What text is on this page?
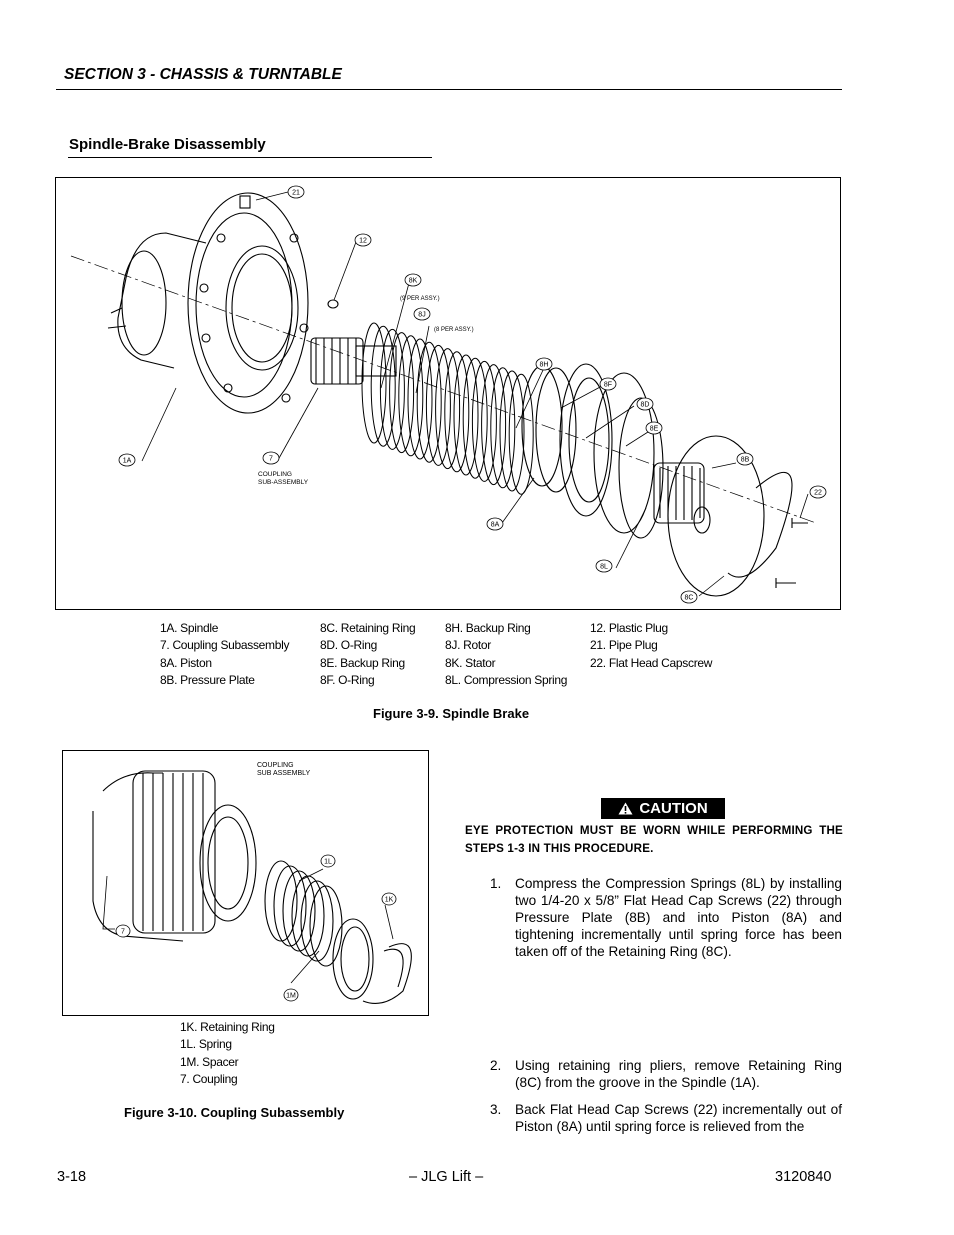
SECTION 3 - CHASSIS & TURNTABLE
Spindle-Brake Disassembly
21
12
8K
8J
8H
8F
8D
8E
8B
22
1A	7
8A
8L
8C
(9 PER ASSY.)
(8 PER ASSY.)
COUPLING
SUB-ASSEMBLY
1A. Spindle
7. Coupling Subassembly
8A. Piston
8B. Pressure Plate
8C. Retaining Ring
8D. O-Ring
8E. Backup Ring
8F. O-Ring
8H. Backup Ring
8J. Rotor
8K. Stator
8L. Compression Spring
12. Plastic Plug
21. Pipe Plug
22. Flat Head Capscrew
Figure 3-9. Spindle Brake
7
1L
1K
1M
COUPLING
SUB ASSEMBLY
1K. Retaining Ring
1L. Spring
1M. Spacer
7. Coupling
Figure 3-10. Coupling Subassembly
CAUTION
EYE PROTECTION MUST BE WORN WHILE PERFORMING THE STEPS 1-3 IN THIS PROCEDURE.
1. Compress the Compression Springs (8L) by installing two 1/4-20 x 5/8” Flat Head Cap Screws (22) through Pressure Plate (8B) and into Piston (8A) and tightening incrementally until spring force has been taken off of the Retaining Ring (8C).
2. Using retaining ring pliers, remove Retaining Ring (8C) from the groove in the Spindle (1A).
3. Back Flat Head Cap Screws (22) incrementally out of Piston (8A) until spring force is relieved from the
3-18	– JLG Lift –	3120840
